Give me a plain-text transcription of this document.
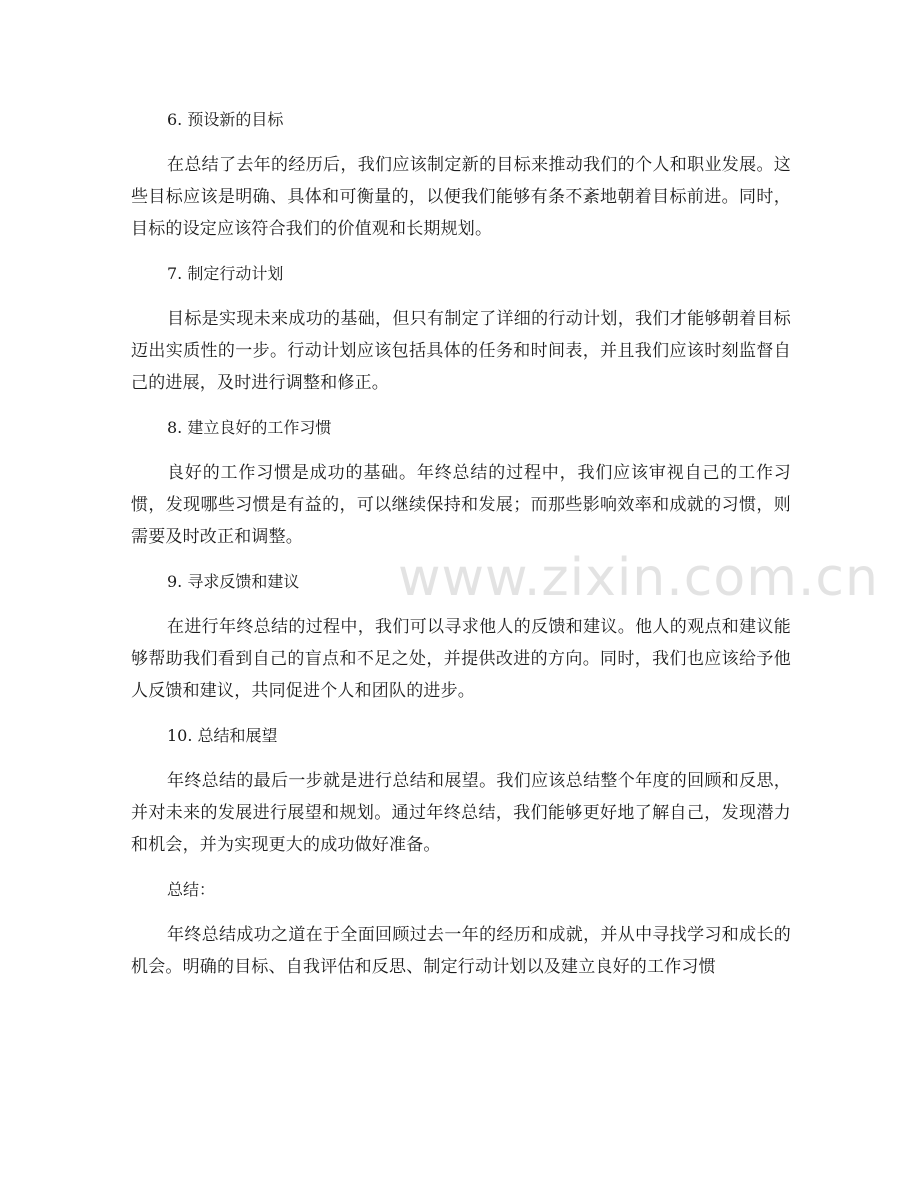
6. 预设新的目标

在总结了去年的经历后，我们应该制定新的目标来推动我们的个人和职业发展。这些目标应该是明确、具体和可衡量的，以便我们能够有条不紊地朝着目标前进。同时，目标的设定应该符合我们的价值观和长期规划。

7. 制定行动计划

目标是实现未来成功的基础，但只有制定了详细的行动计划，我们才能够朝着目标迈出实质性的一步。行动计划应该包括具体的任务和时间表，并且我们应该时刻监督自己的进展，及时进行调整和修正。

8. 建立良好的工作习惯

良好的工作习惯是成功的基础。年终总结的过程中，我们应该审视自己的工作习惯，发现哪些习惯是有益的，可以继续保持和发展；而那些影响效率和成就的习惯，则需要及时改正和调整。

9. 寻求反馈和建议

在进行年终总结的过程中，我们可以寻求他人的反馈和建议。他人的观点和建议能够帮助我们看到自己的盲点和不足之处，并提供改进的方向。同时，我们也应该给予他人反馈和建议，共同促进个人和团队的进步。

10. 总结和展望

年终总结的最后一步就是进行总结和展望。我们应该总结整个年度的回顾和反思，并对未来的发展进行展望和规划。通过年终总结，我们能够更好地了解自己，发现潜力和机会，并为实现更大的成功做好准备。

总结：

年终总结成功之道在于全面回顾过去一年的经历和成就，并从中寻找学习和成长的机会。明确的目标、自我评估和反思、制定行动计划以及建立良好的工作习惯

www.zixin.com.cn
